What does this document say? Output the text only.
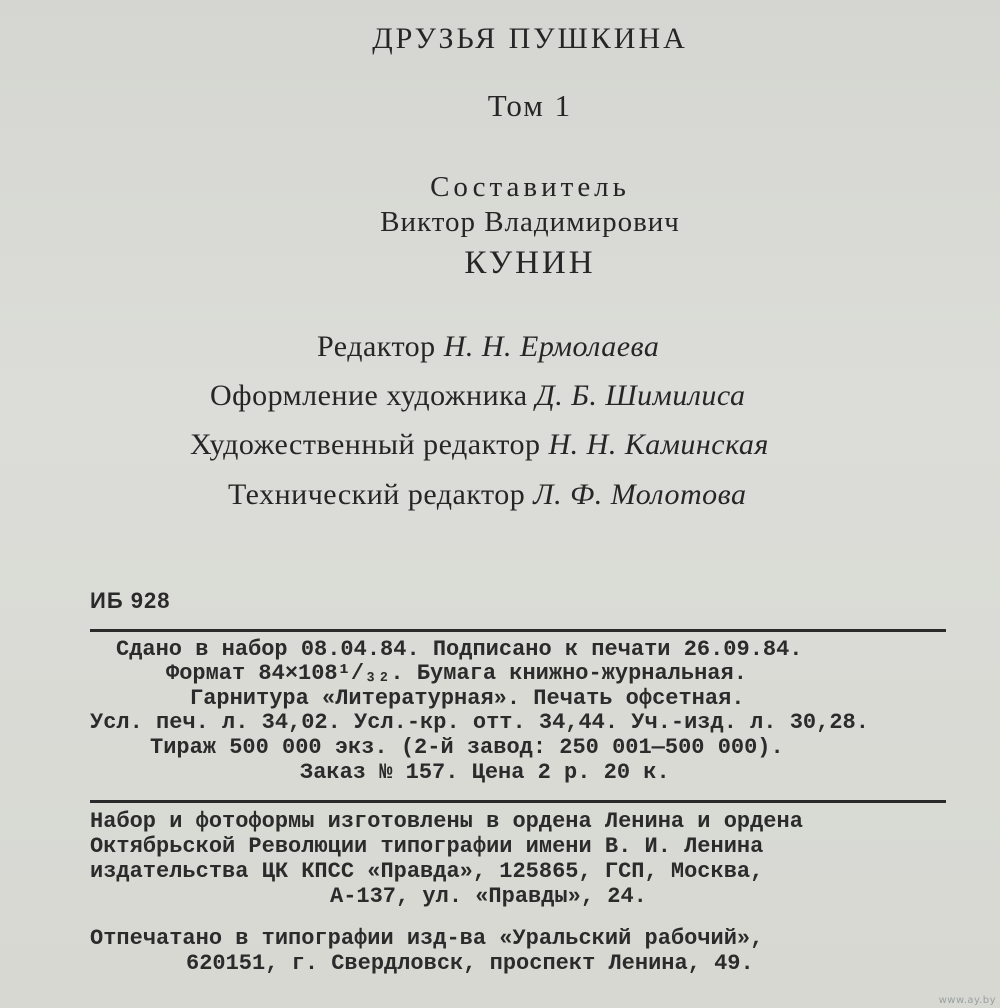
ДРУЗЬЯ ПУШКИНА
Том 1
Составитель
Виктор Владимирович
КУНИН
Редактор Н. Н. Ермолаева
Оформление художника Д. Б. Шимилиса
Художественный редактор Н. Н. Каминская
Технический редактор Л. Ф. Молотова
ИБ 928
Сдано в набор 08.04.84. Подписано к печати 26.09.84.
Формат 84×108¹/₃₂. Бумага книжно-журнальная.
Гарнитура «Литературная». Печать офсетная.
Усл. печ. л. 34,02. Усл.-кр. отт. 34,44. Уч.-изд. л. 30,28.
Тираж 500 000 экз. (2-й завод: 250 001—500 000).
Заказ № 157. Цена 2 р. 20 к.
Набор и фотоформы изготовлены в ордена Ленина и ордена
Октябрьской Революции типографии имени В. И. Ленина
издательства ЦК КПСС «Правда», 125865, ГСП, Москва,
А-137, ул. «Правды», 24.
Отпечатано в типографии изд-ва «Уральский рабочий»,
620151, г. Свердловск, проспект Ленина, 49.
www.ay.by
